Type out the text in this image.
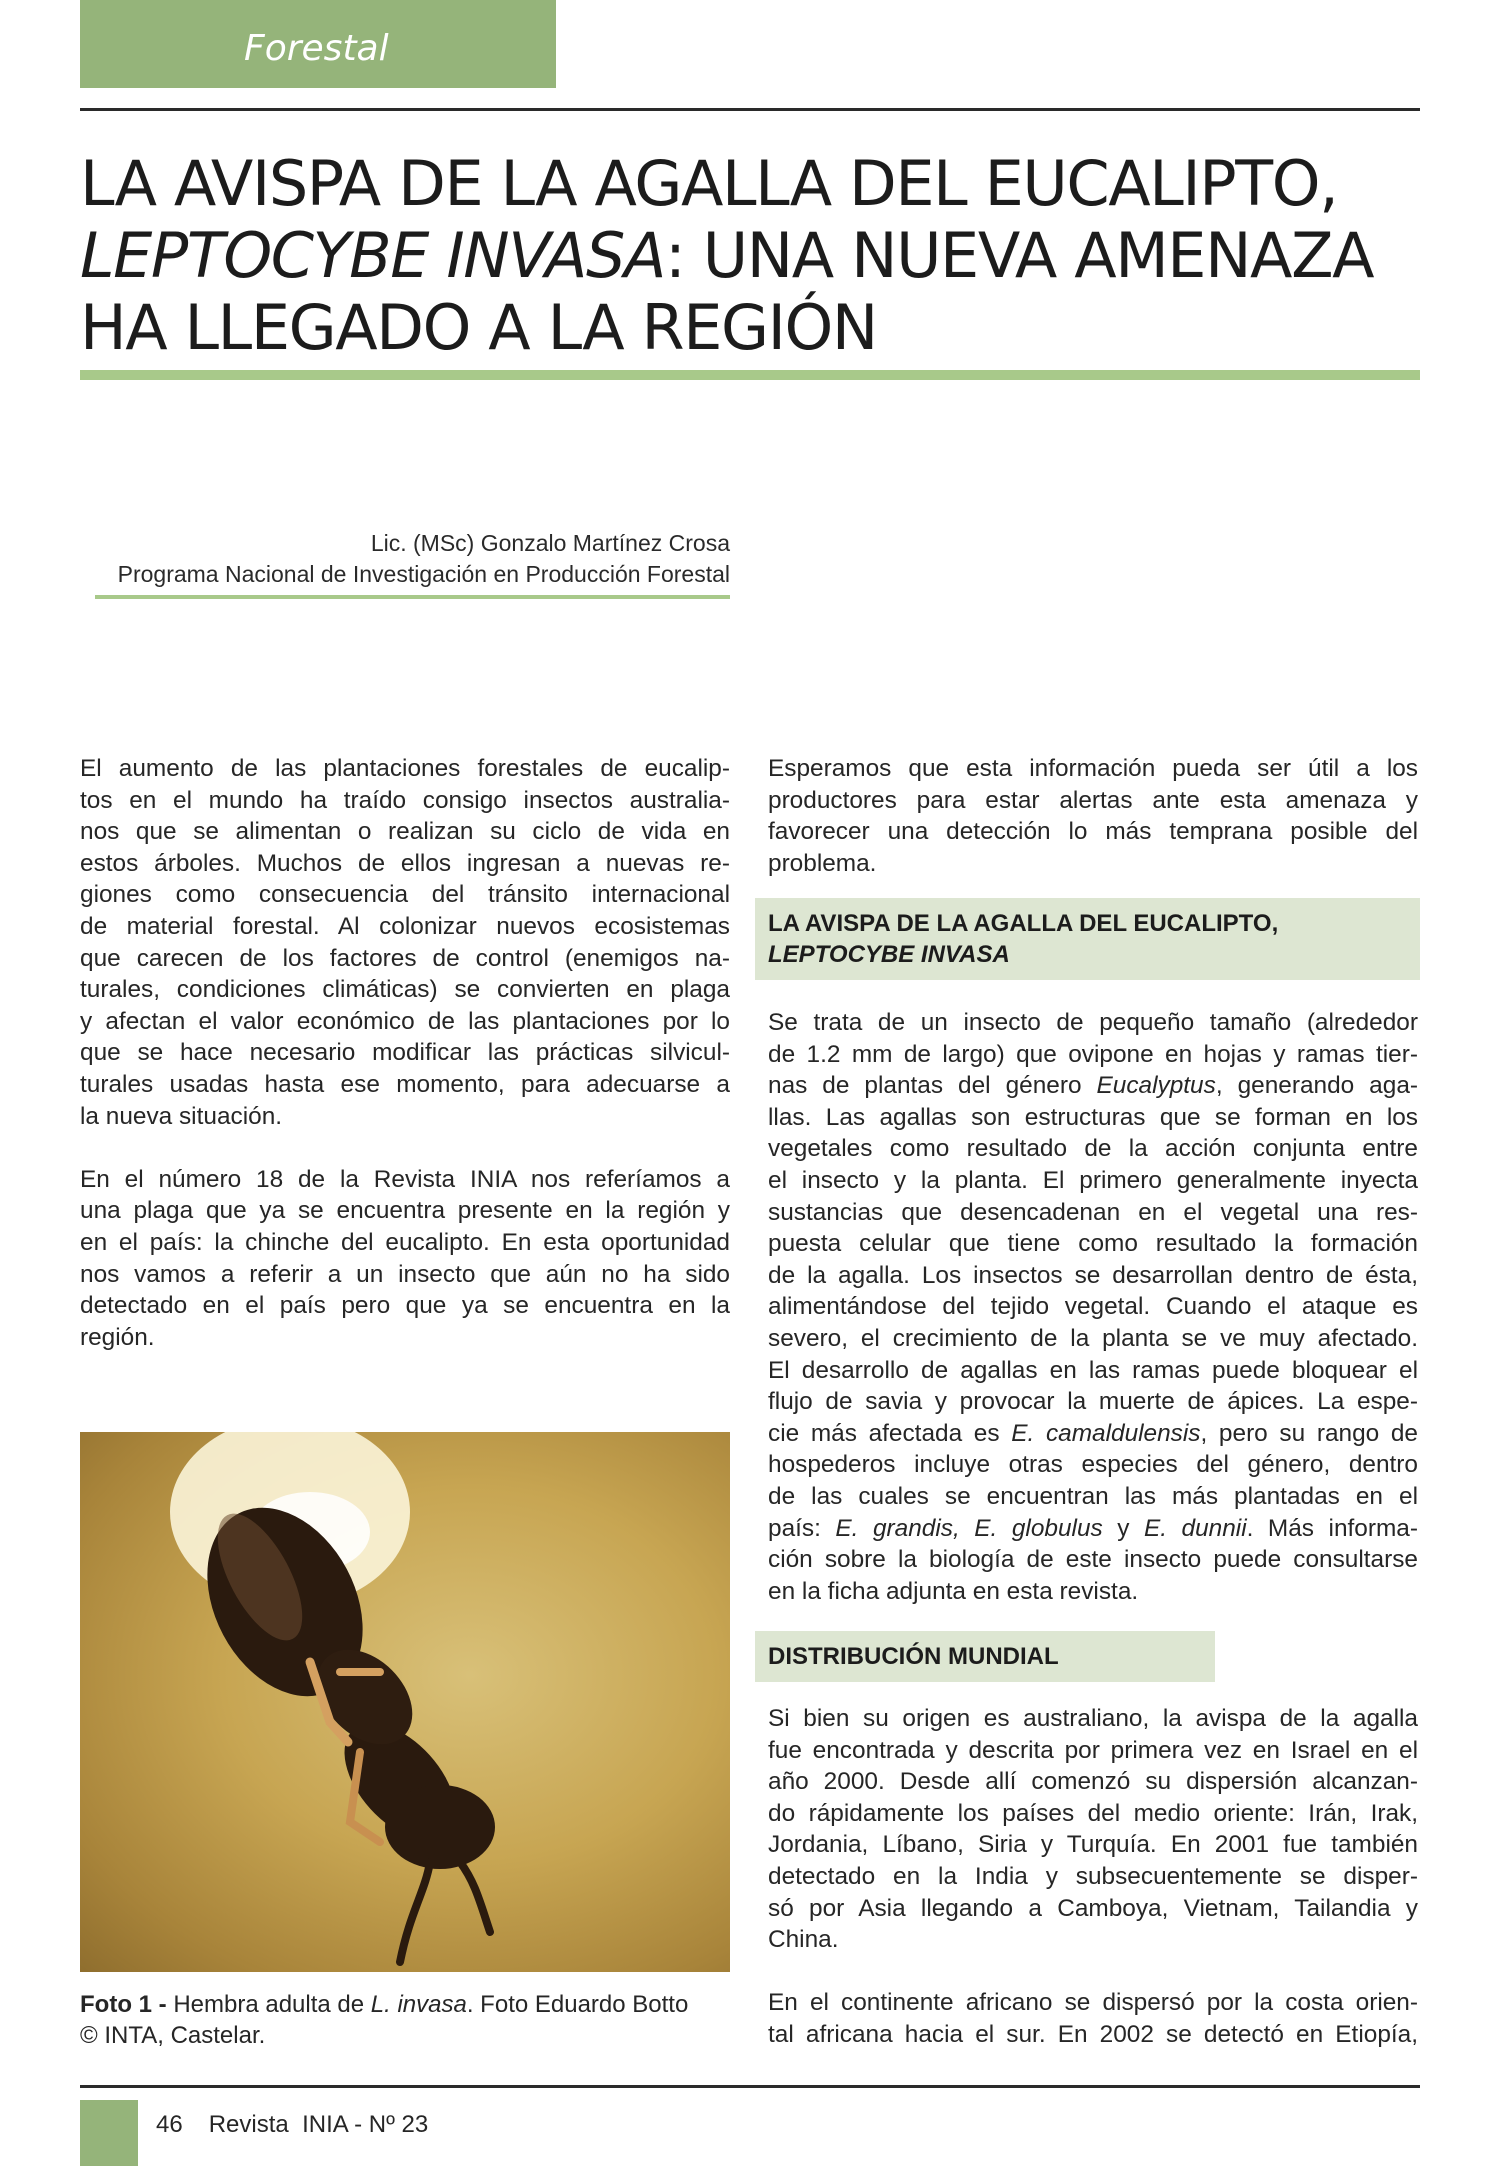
Forestal
LA AVISPA DE LA AGALLA DEL EUCALIPTO,
LEPTOCYBE INVASA: UNA NUEVA AMENAZA
HA LLEGADO A LA REGIÓN
Lic. (MSc) Gonzalo Martínez Crosa
Programa Nacional de Investigación en Producción Forestal

El aumento de las plantaciones forestales de eucalip-
tos en el mundo ha traído consigo insectos australia-
nos que se alimentan o realizan su ciclo de vida en
estos árboles. Muchos de ellos ingresan a nuevas re-
giones como consecuencia del tránsito internacional
de material forestal. Al colonizar nuevos ecosistemas
que carecen de los factores de control (enemigos na-
turales, condiciones climáticas) se convierten en plaga
y afectan el valor económico de las plantaciones por lo
que se hace necesario modificar las prácticas silvicul-
turales usadas hasta ese momento, para adecuarse a
la nueva situación.

En el número 18 de la Revista INIA nos referíamos a
una plaga que ya se encuentra presente en la región y
en el país: la chinche del eucalipto. En esta oportunidad
nos vamos a referir a un insecto que aún no ha sido
detectado en el país pero que ya se encuentra en la
región.

Foto 1 - Hembra adulta de L. invasa. Foto Eduardo Botto
© INTA, Castelar.

Esperamos que esta información pueda ser útil a los
productores para estar alertas ante esta amenaza y
favorecer una detección lo más temprana posible del
problema.

LA AVISPA DE LA AGALLA DEL EUCALIPTO,
LEPTOCYBE INVASA

Se trata de un insecto de pequeño tamaño (alrededor
de 1.2 mm de largo) que ovipone en hojas y ramas tier-
nas de plantas del género Eucalyptus, generando aga-
llas. Las agallas son estructuras que se forman en los
vegetales como resultado de la acción conjunta entre
el insecto y la planta. El primero generalmente inyecta
sustancias que desencadenan en el vegetal una res-
puesta celular que tiene como resultado la formación
de la agalla. Los insectos se desarrollan dentro de ésta,
alimentándose del tejido vegetal. Cuando el ataque es
severo, el crecimiento de la planta se ve muy afectado.
El desarrollo de agallas en las ramas puede bloquear el
flujo de savia y provocar la muerte de ápices. La espe-
cie más afectada es E. camaldulensis, pero su rango de
hospederos incluye otras especies del género, dentro
de las cuales se encuentran las más plantadas en el
país: E. grandis, E. globulus y E. dunnii. Más informa-
ción sobre la biología de este insecto puede consultarse
en la ficha adjunta en esta revista.

DISTRIBUCIÓN MUNDIAL

Si bien su origen es australiano, la avispa de la agalla
fue encontrada y descrita por primera vez en Israel en el
año 2000. Desde allí comenzó su dispersión alcanzan-
do rápidamente los países del medio oriente: Irán, Irak,
Jordania, Líbano, Siria y Turquía. En 2001 fue también
detectado en la India y subsecuentemente se disper-
só por Asia llegando a Camboya, Vietnam, Tailandia y
China.

En el continente africano se dispersó por la costa orien-
tal africana hacia el sur. En 2002 se detectó en Etiopía,

46 Revista  INIA - Nº 23
